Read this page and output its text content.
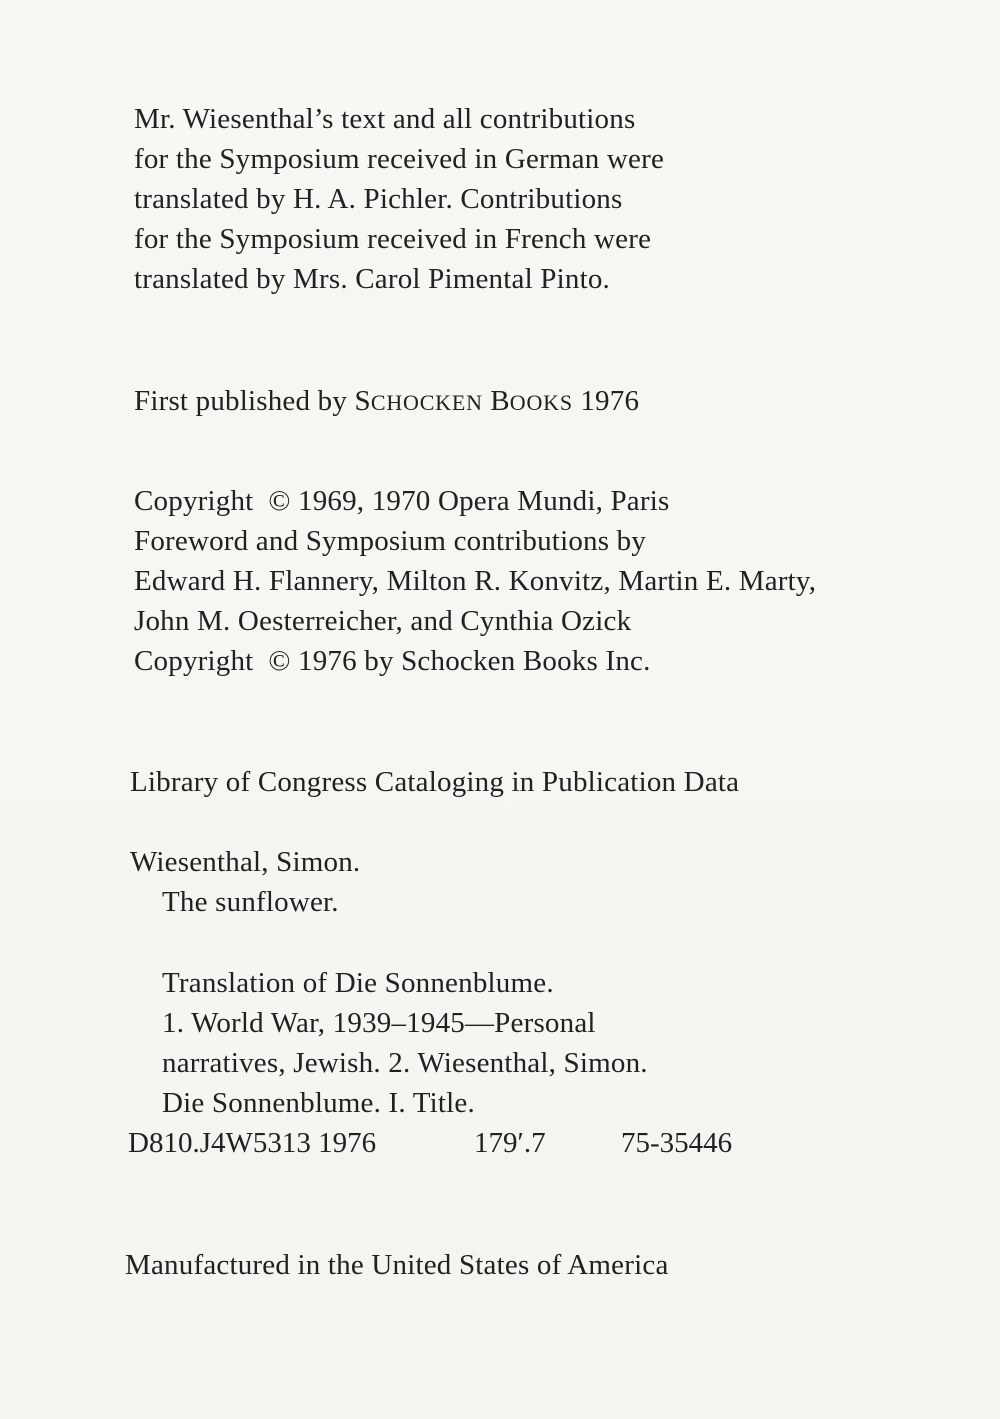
Mr. Wiesenthal’s text and all contributions
for the Symposium received in German were
translated by H. A. Pichler. Contributions
for the Symposium received in French were
translated by Mrs. Carol Pimental Pinto.
First published by SCHOCKEN BOOKS 1976
Copyright  © 1969, 1970 Opera Mundi, Paris
Foreword and Symposium contributions by
Edward H. Flannery, Milton R. Konvitz, Martin E. Marty,
John M. Oesterreicher, and Cynthia Ozick
Copyright  © 1976 by Schocken Books Inc.
Library of Congress Cataloging in Publication Data
Wiesenthal, Simon.
The sunflower.
Translation of Die Sonnenblume.
1. World War, 1939–1945—Personal
narratives, Jewish. 2. Wiesenthal, Simon.
Die Sonnenblume. I. Title.
D810.J4W5313 1976	179′.7	75-35446
Manufactured in the United States of America
